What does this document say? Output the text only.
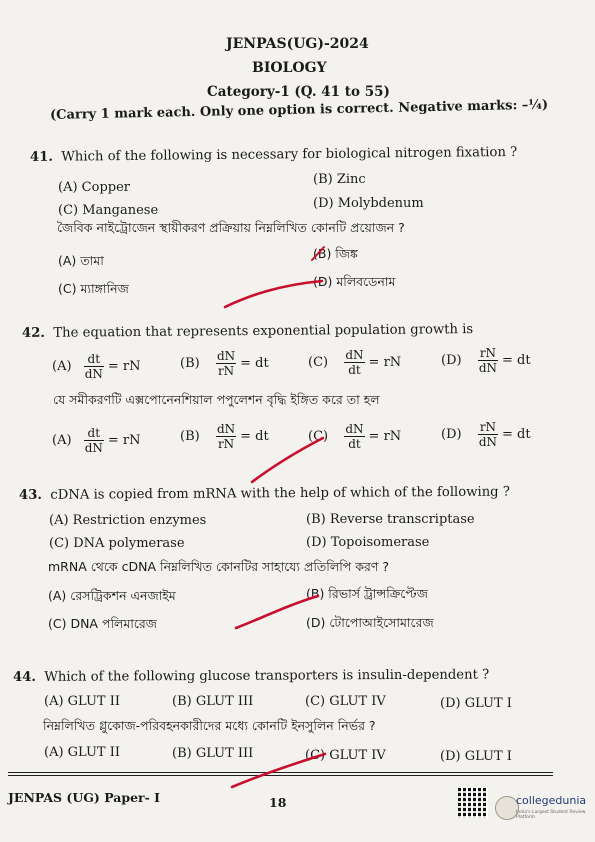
JENPAS(UG)-2024
BIOLOGY
Category-1 (Q. 41 to 55)
(Carry 1 mark each. Only one option is correct. Negative marks: –¼)
41. Which of the following is necessary for biological nitrogen fixation ?
(A) Copper
(B) Zinc
(C) Manganese	(D) Molybdenum
জৈবিক নাইট্রোজেন স্থায়ীকরণ প্রক্রিয়ায় নিম্নলিখিত কোনটি প্রয়োজন ?
(A) তামা	(B) জিঙ্ক
(C) ম্যাঙ্গানিজ	(D) মলিবডেনাম
42. The equation that represents exponential population growth is
(A)
$\frac{dt}{dN}$ = rN	(B)
$\frac{dN}{rN}$ = dt	(C)
$\frac{dN}{dt}$ = rN	(D)
$\frac{rN}{dN}$ = dt
যে সমীকরণটি এক্সপোনেনশিয়াল পপুলেশন বৃদ্ধি ইঙ্গিত করে তা হল
(A)
$\frac{dt}{dN}$ = rN	(B)
$\frac{dN}{rN}$ = dt	(C)
$\frac{dN}{dt}$ = rN	(D)
$\frac{rN}{dN}$ = dt
43. cDNA is copied from mRNA with the help of which of the following ?
(A) Restriction enzymes	(B) Reverse transcriptase
(C) DNA polymerase	(D) Topoisomerase
mRNA থেকে cDNA নিম্নলিখিত কোনটির সাহায্যে প্রতিলিপি করণ ?
(A) রেসট্রিকশন এনজাইম	(B) রিভার্স ট্রান্সক্রিপ্টেজ
(C) DNA পলিমারেজ	(D) টোপোআইসোমারেজ
44. Which of the following glucose transporters is insulin-dependent ?
(A) GLUT II	(B) GLUT III	(C) GLUT IV	(D) GLUT I
নিম্নলিখিত গ্লুকোজ-পরিবহনকারীদের মধ্যে কোনটি ইনসুলিন নির্ভর ?
(A) GLUT II	(B) GLUT III	(C) GLUT IV	(D) GLUT I
JENPAS (UG) Paper- I	18	collegedunia
India's Largest Student Review Platform
